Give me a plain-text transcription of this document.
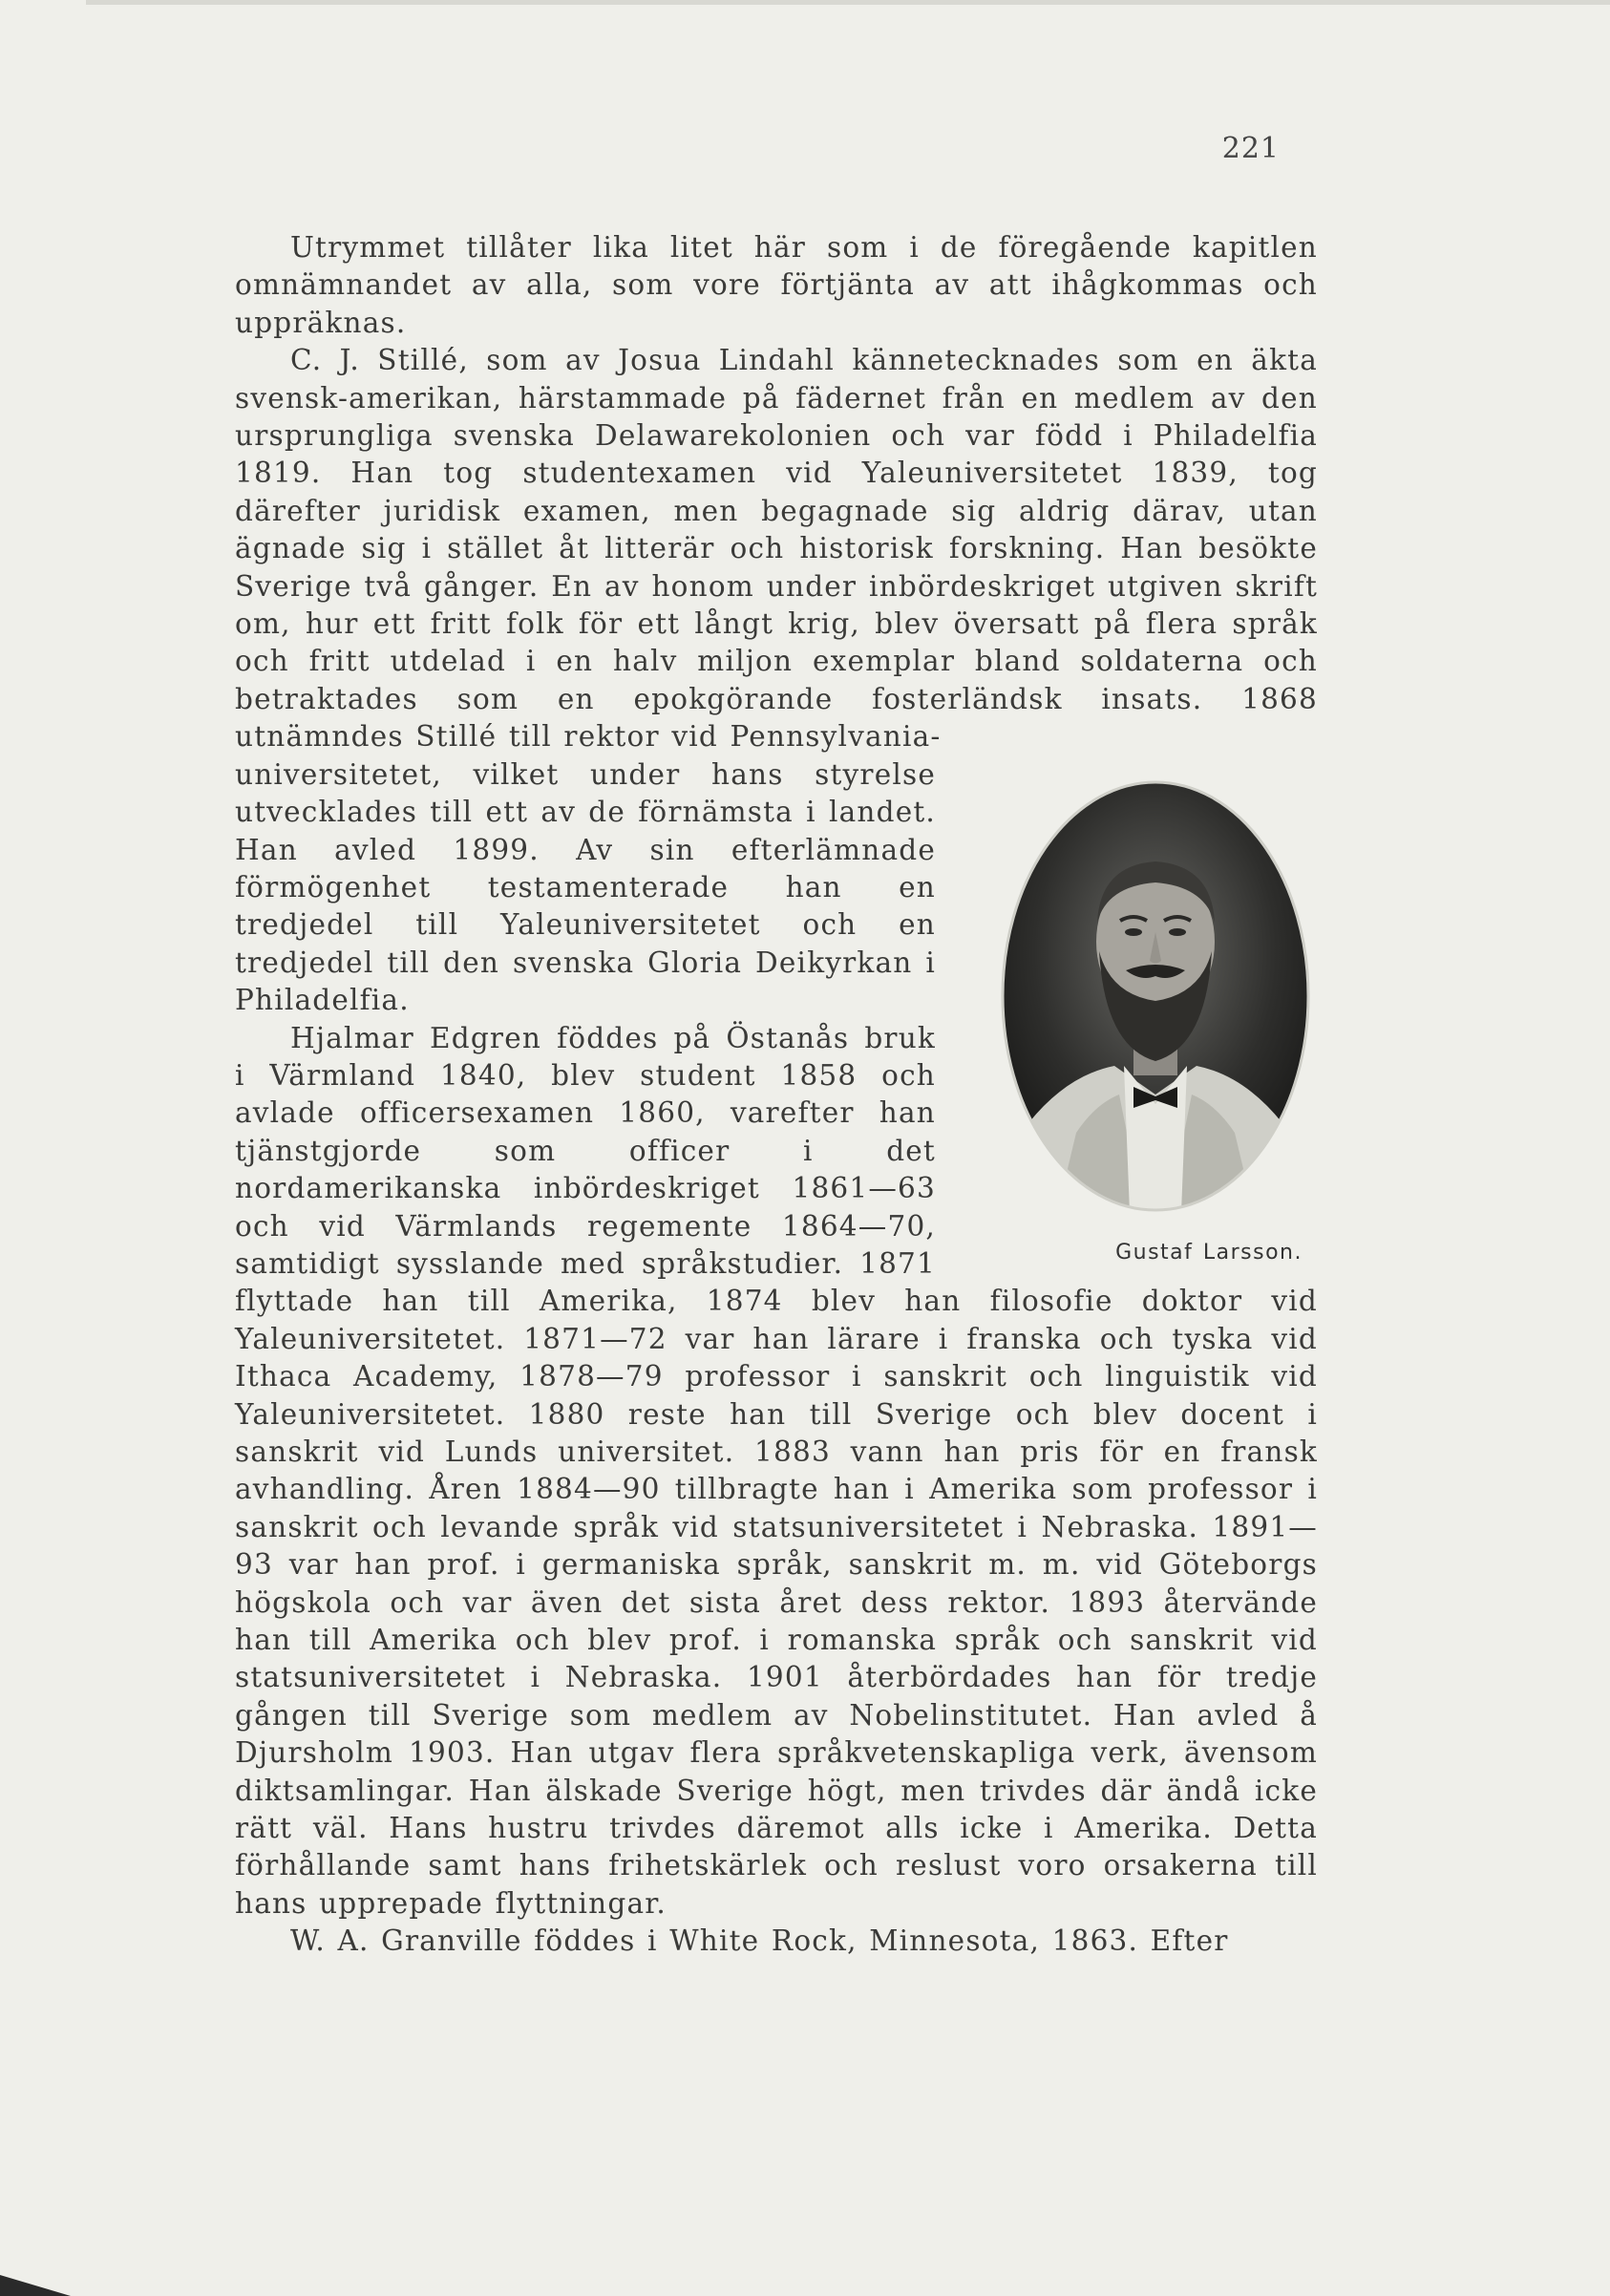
221

Utrymmet tillåter lika litet här som i de föregående kapitlen omnämnandet av alla, som vore förtjänta av att ihågkommas och uppräknas.

C. J. Stillé, som av Josua Lindahl kännetecknades som en äkta svensk-amerikan, härstammade på fädernet från en medlem av den ursprungliga svenska Delawarekolonien och var född i Philadelfia 1819. Han tog studentexamen vid Yaleuniversitetet 1839, tog därefter juridisk examen, men begagnade sig aldrig därav, utan ägnade sig i stället åt litterär och historisk forskning. Han besökte Sverige två gånger. En av honom under inbördeskriget utgiven skrift om, hur ett fritt folk för ett långt krig, blev översatt på flera språk och fritt utdelad i en halv miljon exemplar bland soldaterna och betraktades som en epokgörande fosterländsk insats. 1868 utnämndes Stillé till rektor vid Pennsylvania-

Gustaf Larsson.

universitetet, vilket under hans styrelse utvecklades till ett av de förnämsta i landet. Han avled 1899. Av sin efterlämnade förmögenhet testamenterade han en tredjedel till Yaleuniversitetet och en tredjedel till den svenska Gloria Deikyrkan i Philadelfia.

Hjalmar Edgren föddes på Östanås bruk i Värmland 1840, blev student 1858 och avlade officersexamen 1860, varefter han tjänstgjorde som officer i det nordamerikanska inbördeskriget 1861—63 och vid Värmlands regemente 1864—70, samtidigt sysslande med språkstudier. 1871 flyttade han till Amerika, 1874 blev han filosofie doktor vid Yaleuniversitetet. 1871—72 var han lärare i franska och tyska vid Ithaca Academy, 1878—79 professor i sanskrit och linguistik vid Yaleuniversitetet. 1880 reste han till Sverige och blev docent i sanskrit vid Lunds universitet. 1883 vann han pris för en fransk avhandling. Åren 1884—90 tillbragte han i Amerika som professor i sanskrit och levande språk vid statsuniversitetet i Nebraska. 1891—93 var han prof. i germaniska språk, sanskrit m. m. vid Göteborgs högskola och var även det sista året dess rektor. 1893 återvände han till Amerika och blev prof. i romanska språk och sanskrit vid statsuniversitetet i Nebraska. 1901 återbördades han för tredje gången till Sverige som medlem av Nobelinstitutet. Han avled å Djursholm 1903. Han utgav flera språkvetenskapliga verk, ävensom diktsamlingar. Han älskade Sverige högt, men trivdes där ändå icke rätt väl. Hans hustru trivdes däremot alls icke i Amerika. Detta förhållande samt hans frihetskärlek och reslust voro orsakerna till hans upprepade flyttningar.

W. A. Granville föddes i White Rock, Minnesota, 1863. Efter
